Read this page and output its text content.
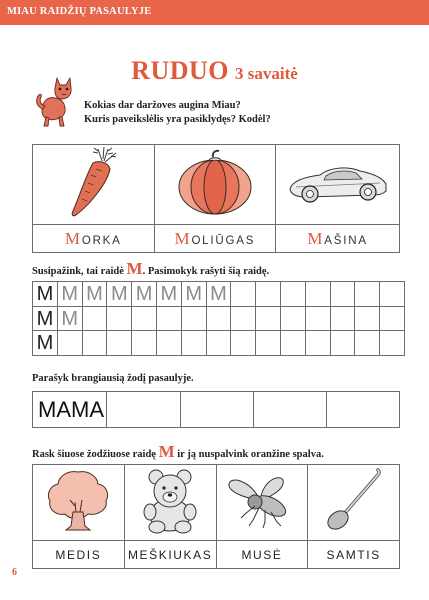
MIAU RAIDŽIŲ PASAULYJE
RUDUO 3 savaitė
Kokias dar daržoves augina Miau?
Kuris paveikslėlis yra pasiklydęs? Kodėl?

MORKA	MOLIŪGAS	MAŠINA
Susipažink, tai raidė M. Pasimokyk rašyti šią raidę.
M	M	M	M	M	M	M	M							
M	M													
M														
Parašyk brangiausią žodį pasaulyje.
MAMA				
Rask šiuose žodžiuose raidę M ir ją nuspalvink oranžine spalva.

MEDIS	MEŠKIUKAS	MUSĖ	SAMTIS
6
